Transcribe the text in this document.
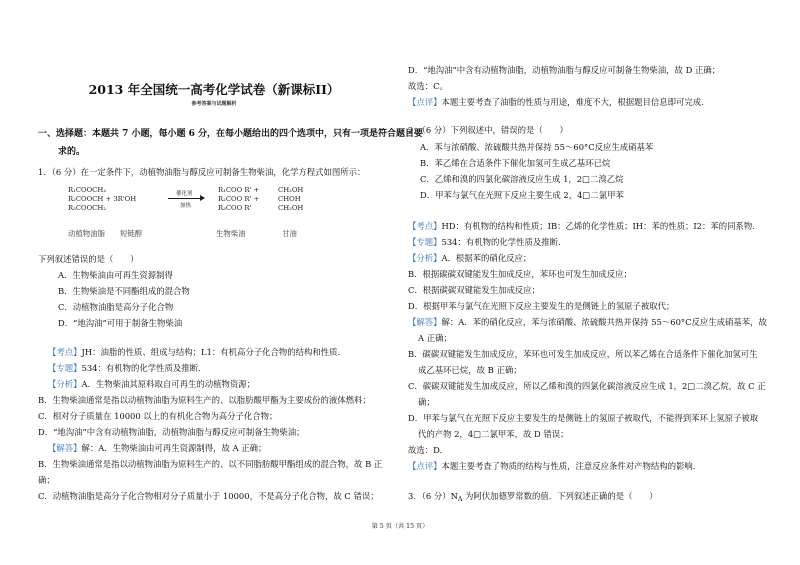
2013 年全国统一高考化学试卷（新课标II）
参考答案与试题解析
一、选择题：本题共 7 小题，每小题 6 分，在每小题给出的四个选项中，只有一项是符合题目要
求的。
1．（6 分）在一定条件下，动植物油脂与醇反应可制备生物柴油，化学方程式如图所示：
R₁COOCH₂
R₂COOCH + 3R'OH
R₃COOCH₂
催化剂
加热
R₁COO R' +
R₂COO R' +
R₃COO R'
CH₂OH
CHOH
CH₂OH
动植物油脂 短链醇	生物柴油	甘油
下列叙述错误的是（　　）
A．生物柴油由可再生资源制得
B．生物柴油是不同酯组成的混合物
C．动植物油脂是高分子化合物
D．“地沟油”可用于制备生物柴油
【考点】JH：油脂的性质、组成与结构；L1：有机高分子化合物的结构和性质.
【专题】534：有机物的化学性质及推断.
【分析】A．生物柴油其原料取自可再生的动植物资源；
B．生物柴油通常是指以动植物油脂为原料生产的、以脂肪酸甲酯为主要成份的液体燃料；
C．相对分子质量在 10000 以上的有机化合物为高分子化合物；
D．“地沟油”中含有动植物油脂，动植物油脂与醇反应可制备生物柴油；
【解答】解：A．生物柴油由可再生资源制得，故 A 正确；
B．生物柴油通常是指以动植物油脂为原料生产的、以不同脂肪酸甲酯组成的混合物，故 B 正
确；
C．动植物油脂是高分子化合物相对分子质量小于 10000，不是高分子化合物，故 C 错误；
D．“地沟油”中含有动植物油脂，动植物油脂与醇反应可制备生物柴油，故 D 正确；
故选：C。
【点评】本题主要考查了油脂的性质与用途，难度不大，根据题目信息即可完成.
2．（6 分）下列叙述中，错误的是（　　）
A．苯与浓硝酸、浓硫酸共热并保持 55～60°C反应生成硝基苯
B．苯乙烯在合适条件下催化加氢可生成乙基环已烷
C．乙烯和溴的四氯化碳溶液反应生成 1，2□二溴乙烷
D．甲苯与氯气在光照下反应主要生成 2，4□二氯甲苯
【考点】HD：有机物的结构和性质；IB：乙烯的化学性质；IH：苯的性质；I2：苯的同系物.
【专题】534：有机物的化学性质及推断.
【分析】A．根据苯的硝化反应；
B．根据碳碳双键能发生加成反应，苯环也可发生加成反应；
C．根据碳碳双键能发生加成反应；
D．根据甲苯与氯气在光照下反应主要发生的是侧链上的氢原子被取代；
【解答】解：A．苯的硝化反应，苯与浓硝酸、浓硫酸共热并保持 55～60°C反应生成硝基苯，故
A 正确；
B．碳碳双键能发生加成反应，苯环也可发生加成反应，所以苯乙烯在合适条件下催化加氢可生
成乙基环已烷，故 B 正确；
C．碳碳双键能发生加成反应，所以乙烯和溴的四氯化碳溶液反应生成 1，2□二溴乙烷，故 C 正
确；
D．甲苯与氯气在光照下反应主要发生的是侧链上的氢原子被取代，不能得到苯环上氢原子被取
代的产物 2，4□二氯甲苯，故 D 错误；
故选：D.
【点评】本题主要考查了物质的结构与性质，注意反应条件对产物结构的影响.
3．（6 分）$N_A$ 为阿伏加德罗常数的值．下列叙述正确的是（　　）
第 5 页（共 15 页）
